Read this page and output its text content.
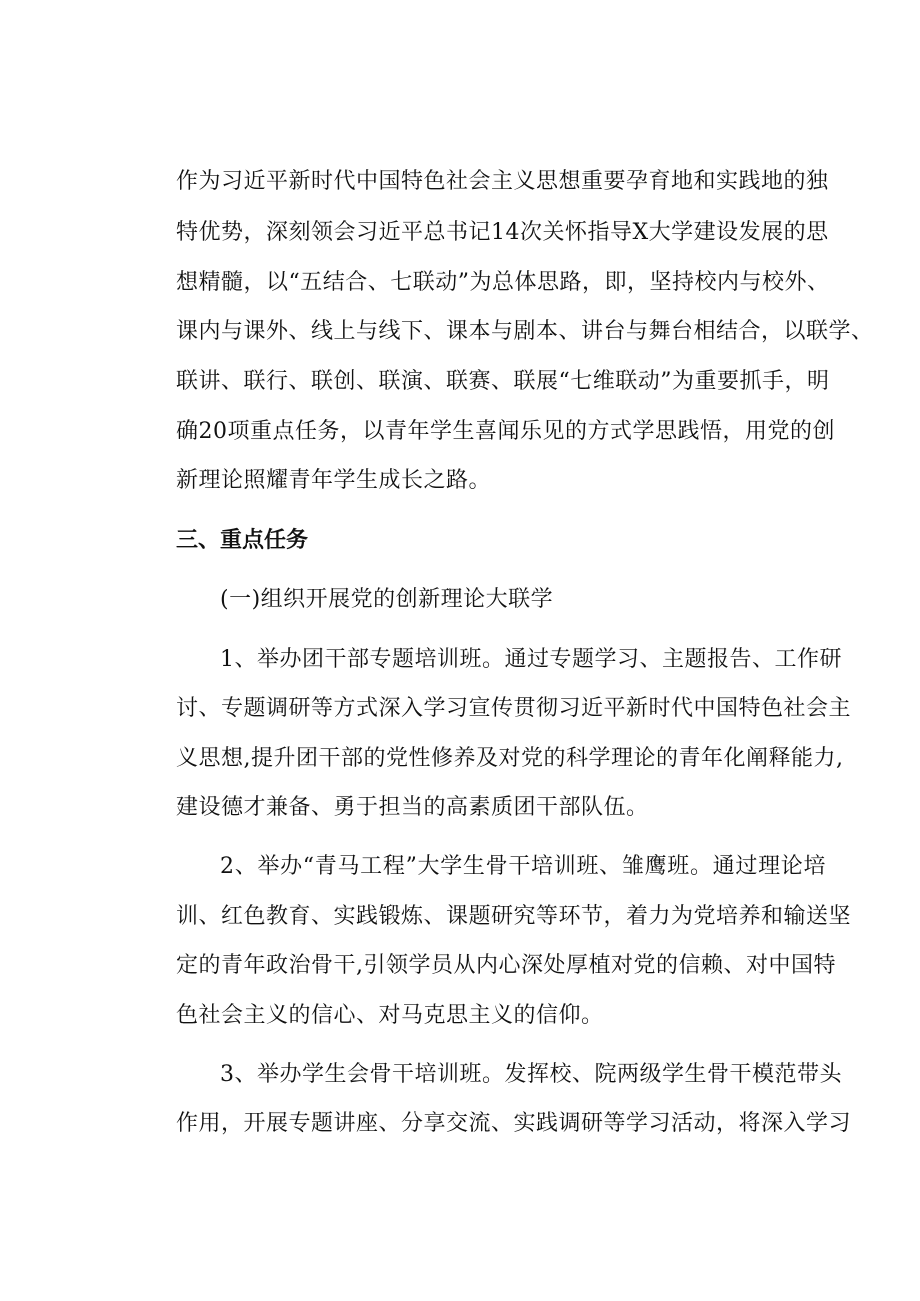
作为习近平新时代中国特色社会主义思想重要孕育地和实践地的独
特优势，深刻领会习近平总书记14次关怀指导X大学建设发展的思
想精髓，以“五结合、七联动”为总体思路，即，坚持校内与校外、
课内与课外、线上与线下、课本与剧本、讲台与舞台相结合，以联学、
联讲、联行、联创、联演、联赛、联展“七维联动”为重要抓手，明
确20项重点任务，以青年学生喜闻乐见的方式学思践悟，用党的创
新理论照耀青年学生成长之路。
三、重点任务
(一)组织开展党的创新理论大联学
1、举办团干部专题培训班。通过专题学习、主题报告、工作研
讨、专题调研等方式深入学习宣传贯彻习近平新时代中国特色社会主
义思想,提升团干部的党性修养及对党的科学理论的青年化阐释能力,
建设德才兼备、勇于担当的高素质团干部队伍。
2、举办“青马工程”大学生骨干培训班、雏鹰班。通过理论培
训、红色教育、实践锻炼、课题研究等环节，着力为党培养和输送坚
定的青年政治骨干,引领学员从内心深处厚植对党的信赖、对中国特
色社会主义的信心、对马克思主义的信仰。
3、举办学生会骨干培训班。发挥校、院两级学生骨干模范带头
作用，开展专题讲座、分享交流、实践调研等学习活动，将深入学习
